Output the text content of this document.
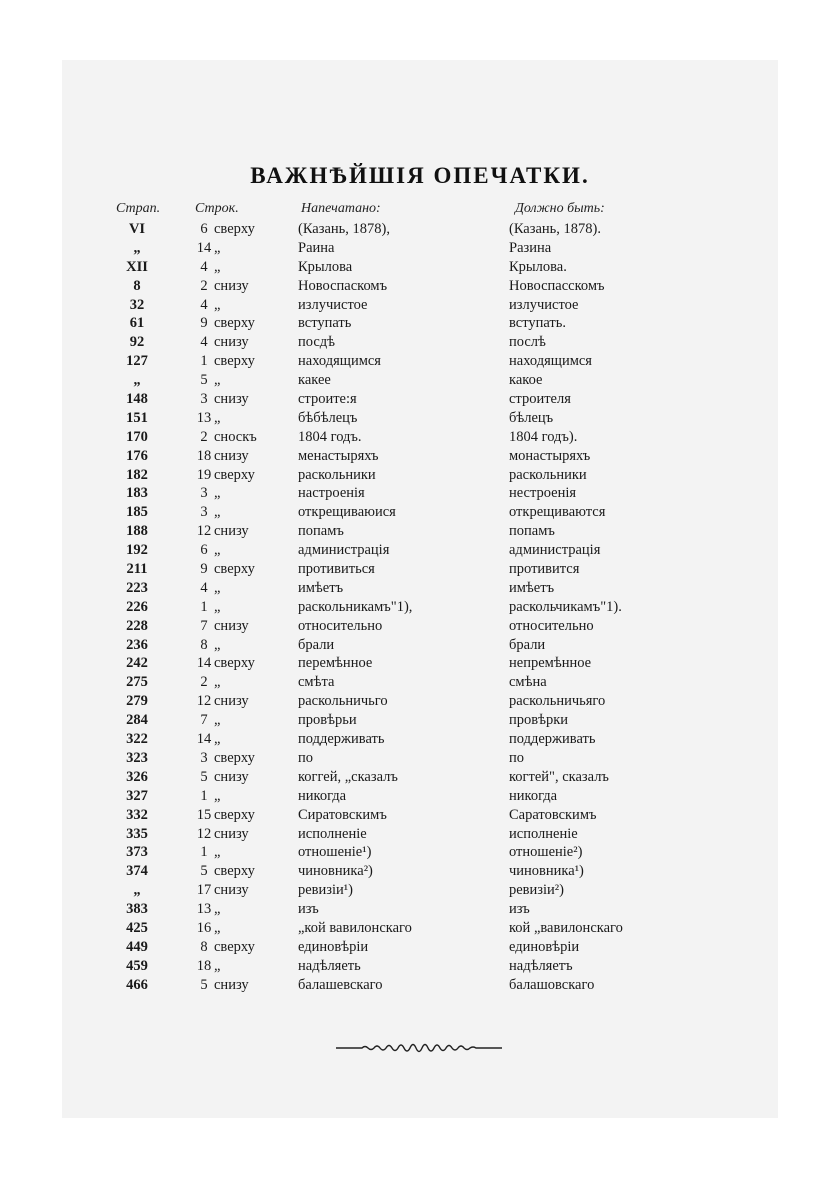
ВАЖНѢЙШІЯ ОПЕЧАТКИ.
Страп. Строк.	Напечатано:	Должно быть:
VI	6 сверху	(Казань, 1878),	(Казань, 1878).
„	14 „	Раина	Разина
XII	4 „	Крылова	Крылова.
8	2 снизу	Новоспаскомъ	Новоспасскомъ
32	4 „	излучистое	излучистое
61	9 сверху	вступать	вступать.
92	4 снизу	посдѣ	послѣ
127	1 сверху	находящимся	находящимся
„	5 „	какее	какое
148	3 снизу	строите:я	строителя
151	13 „	бѣбѣлецъ	бѣлецъ
170	2 сноскъ	1804 годъ.	1804 годъ).
176	18 снизу	менастыряхъ	монастыряхъ
182	19 сверху	раскольники	раскольники
183	3 „	настроенія	нестроенія
185	3 „	открещиваюися	открещиваются
188	12 снизу	попамъ	попамъ
192	6 „	администрація	администрація
211	9 сверху	противиться	противится
223	4 „	имѣетъ	имѣетъ
226	1 „	раскольникамъ"1),	раскольчикамъ"1).
228	7 снизу	отноcительно	относительно
236	8 „	брали	брали
242	14 сверху	перемѣнное	непремѣнное
275	2 „	смѣта	смѣна
279	12 снизу	раскольничьго	раскольничьяго
284	7 „	провѣрьи	провѣрки
322	14 „	поддерживать	поддерживать
323	3 сверху	по	по
326	5 снизу	коггей, „сказалъ	когтей", сказалъ
327	1 „	никогда	никогда
332	15 сверху	Сиратовскимъ	Саратовскимъ
335	12 снизу	исполненіе	исполненіе
373	1 „	отношеніе¹)	отношеніе²)
374	5 сверху	чиновника²)	чиновника¹)
„	17 снизу	ревизіи¹)	ревизіи²)
383	13 „	изъ	изъ
425	16 „	„кой вавилонскаго	кой „вавилонскаго
449	8 сверху	единовѣріи	единовѣріи
459	18 „	надѣляеть	надѣляетъ
466	5 снизу	балашевскаго	балашовскаго
